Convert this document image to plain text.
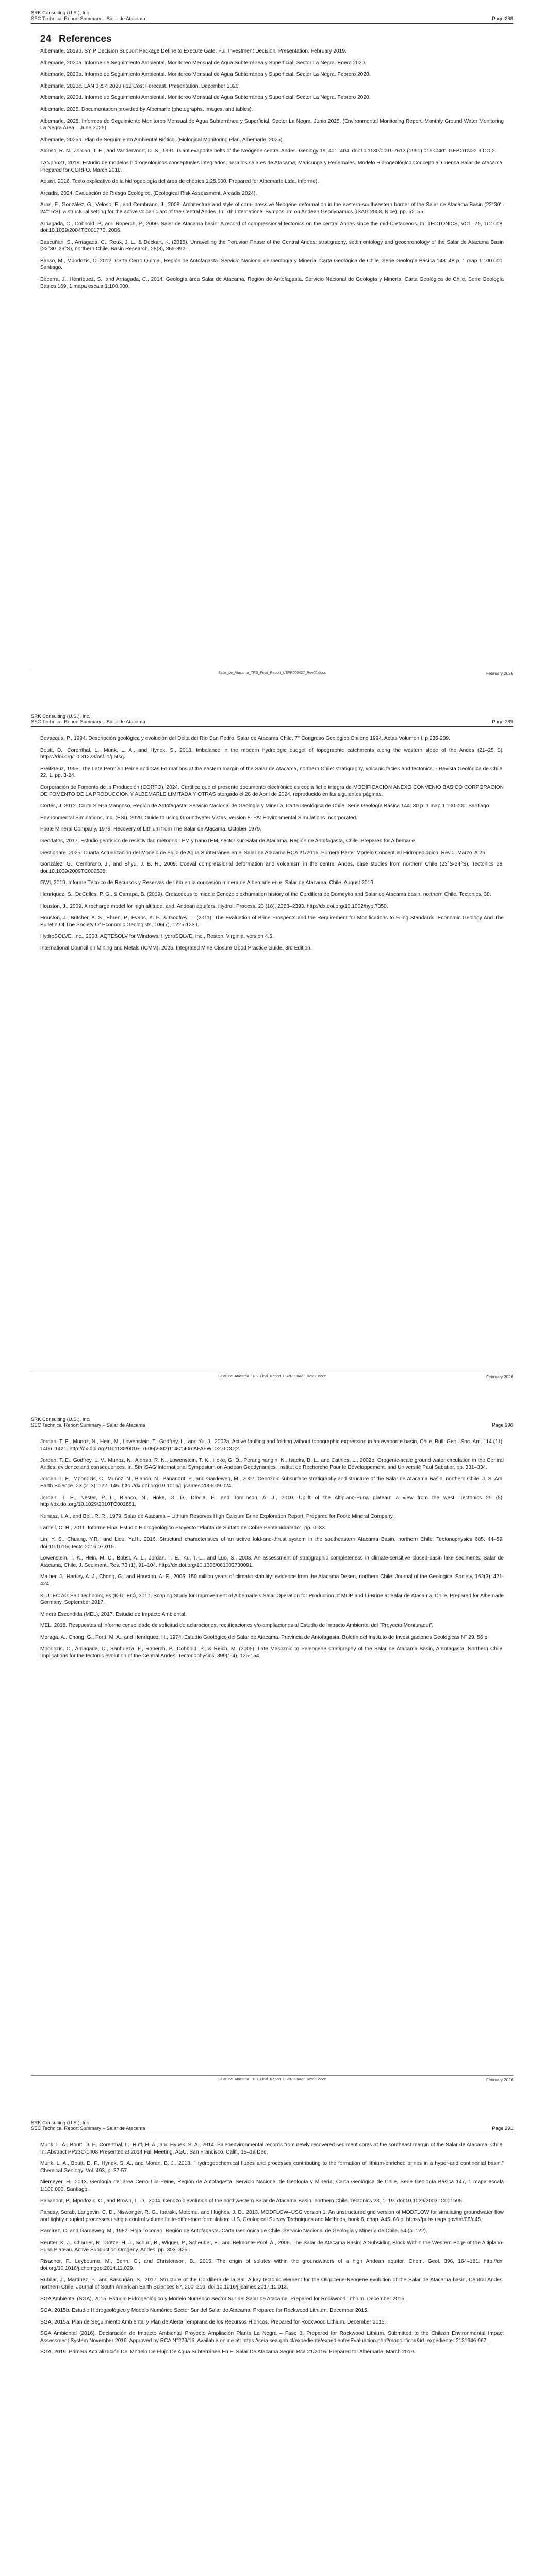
SRK Consulting (U.S.), Inc.
SEC Technical Report Summary – Salar de Atacama	Page 288
24 References

Albemarle, 2019b. SYIP Decision Support Package Define to Execute Gate, Full Investment Decision. Presentation. February 2019.

Albemarle, 2020a. Informe de Seguimiento Ambiental. Monitoreo Mensual de Agua Subterránea y Superficial. Sector La Negra. Enero 2020.

Albemarle, 2020b. Informe de Seguimiento Ambiental. Monitoreo Mensual de Agua Subterránea y Superficial. Sector La Negra. Febrero 2020.

Albemarle, 2020c. LAN 3 & 4 2020 F12 Cost Forecast. Presentation. December 2020.

Albemarle, 2020d. Informe de Seguimiento Ambiental. Monitoreo Mensual de Agua Subterránea y Superficial. Sector La Negra. Febrero 2020.

Albemarle, 2025. Documentation provided by Albemarle (photographs, images, and tables).

Albemarle, 2025. Informes de Seguimiento Monitoreo Mensual de Agua Subterránea y Superficial. Sector La Negra, Junio 2025. (Environmental Monitoring Report. Monthly Ground Water Monitoring La Negra Area – June 2025).

Albemarle, 2025b. Plan de Seguimiento Ambiental Biótico. (Biological Monitoring Plan. Albemarle, 2025).

Alonso, R. N., Jordan, T. E., and Vandervoort, D. S., 1991. Giant evaporite belts of the Neogene central Andes. Geology 19, 401–404. doi:10.1130/0091-7613 (1991) 019<0401:GEBOTN>2.3.CO;2.

TANpho21, 2018. Estudio de modelos hidrogeológicos conceptuales integrados, para los salares de Atacama, Maricunga y Pedernales. Modelo Hidrogeológico Conceptual Cuenca Salar de Atacama. Prepared for CORFO. March 2018.

Aquist, 2016. Texto explicativo de la hidrogeología del área de chépica 1:25.000. Prepared for Albemarle Ltda. Informe).

Arcadis, 2024. Evaluación de Riesgo Ecológico. (Ecological Risk Assessment, Arcadis 2024).

Aron, F., González, G., Veloso, E., and Cembrano, J., 2008. Architecture and style of com- pressive Neogene deformation in the eastern-southeastern border of the Salar de Atacama Basin (22°30'–24°15'S): a structural setting for the active volcanic arc of the Central Andes. In: 7th International Symposium on Andean Geodynamics (ISAG 2008, Nice), pp. 52–55.

Arriagada, C., Cobbold, P., and Roperch, P., 2006. Salar de Atacama basin: A record of compressional tectonics on the central Andes since the mid-Cretaceous. In: TECTONICS, VOL. 25, TC1008, doi:10.1029/2004TC001770, 2006.

Bascuñan, S., Arriagada, C., Roux, J. L., & Deckart, K. (2015). Unravelling the Peruvian Phase of the Central Andes: stratigraphy, sedimentology and geochronology of the Salar de Atacama Basin (22°30–23°S), northern Chile. Basin Research, 28(3), 365-392.

Basso, M., Mpodozis, C. 2012. Carta Cerro Quimal, Región de Antofagasta. Servicio Nacional de Geología y Minería, Carta Geológica de Chile, Serie Geología Básica 143: 48 p. 1 map 1:100.000. Santiago.

Becerra, J., Henríquez, S., and Arriagada, C., 2014. Geología área Salar de Atacama, Región de Antofagasta. Servicio Nacional de Geología y Minería, Carta Geológica de Chile, Serie Geología Básica 169, 1 mapa escala 1:100.000.

Salar_de_Atacama_TRS_Final_Report_USPR000427_Rev00.docx	February 2026
SRK Consulting (U.S.), Inc.
SEC Technical Report Summary – Salar de Atacama	Page 289

Bevacqua, P., 1994. Descripción geológica y evolución del Delta del Río San Pedro. Salar de Atacama Chile. 7° Congreso Geológico Chileno 1994. Actas Volumen I, p 235-239.

Boutt, D., Corenthal, L., Munk, L. A., and Hynek, S., 2018. Imbalance in the modern hydrologic budget of topographic catchments along the western slope of the Andes (21–25 S). https://doi.org/10.31223/osf.io/p5tsq.

Breitkreuz, 1995. The Late Permian Peine and Cas Formations at the eastern margin of the Salar de Atacama, northern Chile: stratigraphy, volcanic facies and tectonics. - Revista Geológica de Chile, 22, 1, pp. 3-24.

Corporación de Fomento de la Producción (CORFO), 2024. Certifico que el presente documento electrónico es copia fiel e íntegra de MODIFICACION ANEXO CONVENIO BASICO CORPORACION DE FOMENTO DE LA PRODUCCION Y ALBEMARLE LIMITADA Y OTRAS otorgado el 26 de Abril de 2024, reproducido en las siguientes páginas.

Cortés, J. 2012. Carta Sierra Mangoso, Región de Antofagasta. Servicio Nacional de Geología y Minería, Carta Geológica de Chile, Serie Geología Básica 144: 30 p. 1 map 1:100.000. Santiago.

Environmental Simulations, Inc. (ESI), 2020. Guide to using Groundwater Vistas, version 8. PA: Environmental Simulations Incorporated.

Foote Mineral Company, 1979. Recovery of Lithium from The Salar de Atacama. October 1979.

Geodatos, 2017. Estudio geofísico de resistividad métodos TEM y nanoTEM, sector sur Salar de Atacama. Región de Antofagasta, Chile. Prepared for Albemarle.

Gestionare, 2025. Cuarta Actualización del Modelo de Flujo de Agua Subterránea en el Salar de Atacama RCA 21/2016. Primera Parte: Modelo Conceptual Hidrogeológico. Rev.0. Marzo 2025.

González, G., Cembrano, J., and Shyu, J. B. H., 2009. Coeval compressional deformation and volcanism in the central Andes, case studies from northern Chile (23°S-24°S). Tectonics 28. doi:10.1029/2009TC002538.

GWI, 2019. Informe Técnico de Recursos y Reservas de Litio en la concesión minera de Albemarle en el Salar de Atacama, Chile. August 2019.

Henríquez, S., DeCelles, P. G., & Carrapa, B. (2019). Cretaceous to middle Cenozoic exhumation history of the Cordillera de Domeyko and Salar de Atacama basin, northern Chile. Tectonics, 38.

Houston, J., 2009. A recharge model for high altitude, arid, Andean aquifers. Hydrol. Process. 23 (16), 2383–2393. http://dx.doi.org/10.1002/hyp.7350.

Houston, J., Butcher, A. S., Ehren, P., Evans, K. F., & Godfrey, L. (2011). The Evaluation of Brine Prospects and the Requirement for Modifications to Filing Standards. Economic Geology And The Bulletin Of The Society Of Economic Geologists, 106(7), 1225-1239.

HydroSOLVE, Inc., 2008. AQTESOLV for Windows: HydroSOLVE, Inc., Reston, Virginia, version 4.5.

International Council on Mining and Metals (ICMM), 2025. Integrated Mine Closure Good Practice Guide, 3rd Edition.

Salar_de_Atacama_TRS_Final_Report_USPR000427_Rev00.docx	February 2026
SRK Consulting (U.S.), Inc.
SEC Technical Report Summary – Salar de Atacama	Page 290

Jordan, T. E., Munoz, N., Hein, M., Lowenstein, T., Godfrey, L., and Yu, J., 2002a. Active faulting and folding without topographic expression in an evaporite basin, Chile. Bull. Geol. Soc. Am. 114 (11), 1406–1421. http://dx.doi.org/10.1130/0016- 7606(2002)114<1406:AFAFWT>2.0.CO;2.

Jordan, T. E., Godfrey, L. V., Munoz, N., Alonso, R. N., Lowenstein, T. K., Hoke, G. D., Peranginangin, N., Isacks, B. L., and Cathles, L., 2002b. Orogenic-scale ground water circulation in the Central Andes: evidence and consequences. In: 5th ISAG International Symposium on Andean Geodynamics. Institut de Recherche Pour le Développement, and Université Paul Sabatier, pp. 331–334.

Jordan, T. E., Mpodozis, C., Muñoz, N., Blanco, N., Pananont, P., and Gardeweg, M., 2007. Cenozoic subsurface stratigraphy and structure of the Salar de Atacama Basin, northern Chile. J. S. Am. Earth Science. 23 (2–3), 122–146. http://dx.doi.org/10.1016/j. jsames.2006.09.024.

Jordan, T. E., Nester, P. L., Blanco, N., Hoke, G. D., Dávila, F., and Tomlinson, A. J., 2010. Uplift of the Altiplano-Puna plateau: a view from the west. Tectonics 29 (5). http://dx.doi.org/10.1029/2010TC002661.

Kunasz, I. A., and Bell, R. R., 1979. Salar de Atacama – Lithium Reserves High Calcium Brine Exploration Report. Prepared for Foote Mineral Company.

Lamell, C. H., 2011. Informe Final Estudio Hidrogeológico Proyecto "Planta de Sulfato de Cobre Pentahidratado". pp. 0–33.

Lin, Y. S., Chuang, Y.R., and Liou, YaH., 2016. Structural characteristics of an active fold-and-thrust system in the southeastern Atacama Basin, northern Chile. Tectonophysics 685, 44–59. doi:10.1016/j.tecto.2016.07.015.

Lowenstein, T. K., Hein, M. C., Bobst, A. L., Jordan, T. E., Ku, T.-L., and Luo, S., 2003. An assessment of stratigraphic completeness in climate-sensitive closed-basin lake sediments: Salar de Atacama, Chile. J. Sediment. Res. 73 (1), 91–104. http://dx.doi.org/10.1306/061002730091.

Mather, J., Hartley, A. J., Chong, G., and Houston, A. E., 2005. 150 million years of climatic stability: evidence from the Atacama Desert, northern Chile: Journal of the Geological Society, 162(3), 421-424.

K-UTEC AG Salt Technologies (K-UTEC), 2017. Scoping Study for Improvement of Albemarle's Salar Operation for Production of MOP and Li-Brine at Salar de Atacama, Chile. Prepared for Albemarle Germany. September 2017.

Minera Escondida (MEL), 2017. Estudio de Impacto Ambiental.

MEL, 2018. Respuestas al informe consolidado de solicitud de aclaraciones, rectificaciones y/o ampliaciones al Estudio de Impacto Ambiental del "Proyecto Monturaqui".

Moraga, A., Chong, G., Fortt, M. A., and Henríquez, H., 1974. Estudio Geológico del Salar de Atacama. Provincia de Antofagasta: Boletín del Instituto de Investigaciones Geológicas N° 29, 56 p.

Mpodozis, C., Arriagada, C., Sanhueza, F., Roperch, P., Cobbold, P., & Reich, M. (2005). Late Mesozoic to Paleogene stratigraphy of the Salar de Atacama Basin, Antofagasta, Northern Chile: Implications for the tectonic evolution of the Central Andes. Tectonophysics, 399(1-4), 125-154.

Salar_de_Atacama_TRS_Final_Report_USPR000427_Rev00.docx	February 2026
SRK Consulting (U.S.), Inc.
SEC Technical Report Summary – Salar de Atacama	Page 291

Munk, L. A., Boutt, D. F., Corenthal, L., Huff, H. A., and Hynek, S. A., 2014. Paleoenvironmental records from newly recovered sediment cores at the southeast margin of the Salar de Atacama, Chile. In: Abstract PP23C-1408 Presented at 2014 Fall Meeting, AGU, San Francisco, Calif., 15–19 Dec.

Munk, L. A., Boutt, D. F., Hynek, S. A., and Moran, B. J., 2018. "Hydrogeochemical fluxes and processes contributing to the formation of lithium-enriched brines in a hyper-arid continental basin." Chemical Geology. Vol. 493, p. 37-57.

Niemeyer, H., 2013. Geología del área Cerro Lila-Peine, Región de Antofagasta. Servicio Nacional de Geología y Minería, Carta Geológica de Chile, Serie Geología Básica 147, 1 mapa escala 1:100.000. Santiago.

Pananont, P., Mpodozis, C., and Brown, L. D., 2004. Cenozoic evolution of the northwestern Salar de Atacama Basin, northern Chile. Tectonics 23, 1–19. doi:10.1029/2003TC001595.

Panday, Sorab, Langevin, C. D., Niswonger, R. G., Ibaraki, Motomu, and Hughes, J. D., 2013. MODFLOW–USG version 1: An unstructured grid version of MODFLOW for simulating groundwater flow and tightly coupled processes using a control volume finite-difference formulation: U.S. Geological Survey Techniques and Methods, book 6, chap. A45, 66 p. https://pubs.usgs.gov/tm/06/a45.

Ramírez, C. and Gardeweg, M., 1982. Hoja Toconao, Región de Antofagasta. Carta Geológica de Chile. Servicio Nacional de Geología y Minería de Chile. 54 (p. 122).

Reutter, K. J., Charrier, R., Götze, H. J., Schurr, B., Wigger, P., Scheuber, E., and Belmonte-Pool, A., 2006. The Salar de Atacama Basin: A Subsiding Block Within the Western Edge of the Altiplano-Puna Plateau. Active Subduction Orogeny. Andes, pp. 303–325.

Risacher, F., Leybourne, M., Benn, C., and Christenson, B., 2015. The origin of solutes within the groundwaters of a high Andean aquifer. Chem. Geol. 396, 164–181. http://dx. doi.org/10.1016/j.chemgeo.2014.11.029.

Rubilar, J., Martínez, F., and Bascuñán, S., 2017. Structure of the Cordillera de la Sal: A key tectonic element for the Oligocene-Neogene evolution of the Salar de Atacama basin, Central Andes, northern Chile. Journal of South American Earth Sciences 87, 200–210. doi:10.1016/j.jsames.2017.11.013.

SGA Ambiental (SGA), 2015. Estudio Hidrogeológico y Modelo Numérico Sector Sur del Salar de Atacama. Prepared for Rockwood Lithium, December 2015.

SGA, 2015b. Estudio Hidrogeológico y Modelo Numérico Sector Sur del Salar de Atacama. Prepared for Rockwood Lithium, December 2015.

SGA, 2015a. Plan de Seguimiento Ambiental y Plan de Alerta Temprana de los Recursos Hídricos. Prepared for Rockwood Lithium. December 2015.

SGA Ambiental (2016). Declaración de Impacto Ambiental Proyecto Ampliación Planta La Negra – Fase 3. Prepared for Rockwood Lithium. Submitted to the Chilean Environmental Impact Assessment System November 2016. Approved by RCA N°279/16. Available online at: https://seia.sea.gob.cl/expediente/expedientesEvaluacion.php?modo=ficha&id_expediente=2131946 967.

SGA, 2019. Primera Actualización Del Modelo De Flujo De Agua Subterránea En El Salar De Atacama Según Rca 21/2016. Prepared for Albemarle, March 2019.
